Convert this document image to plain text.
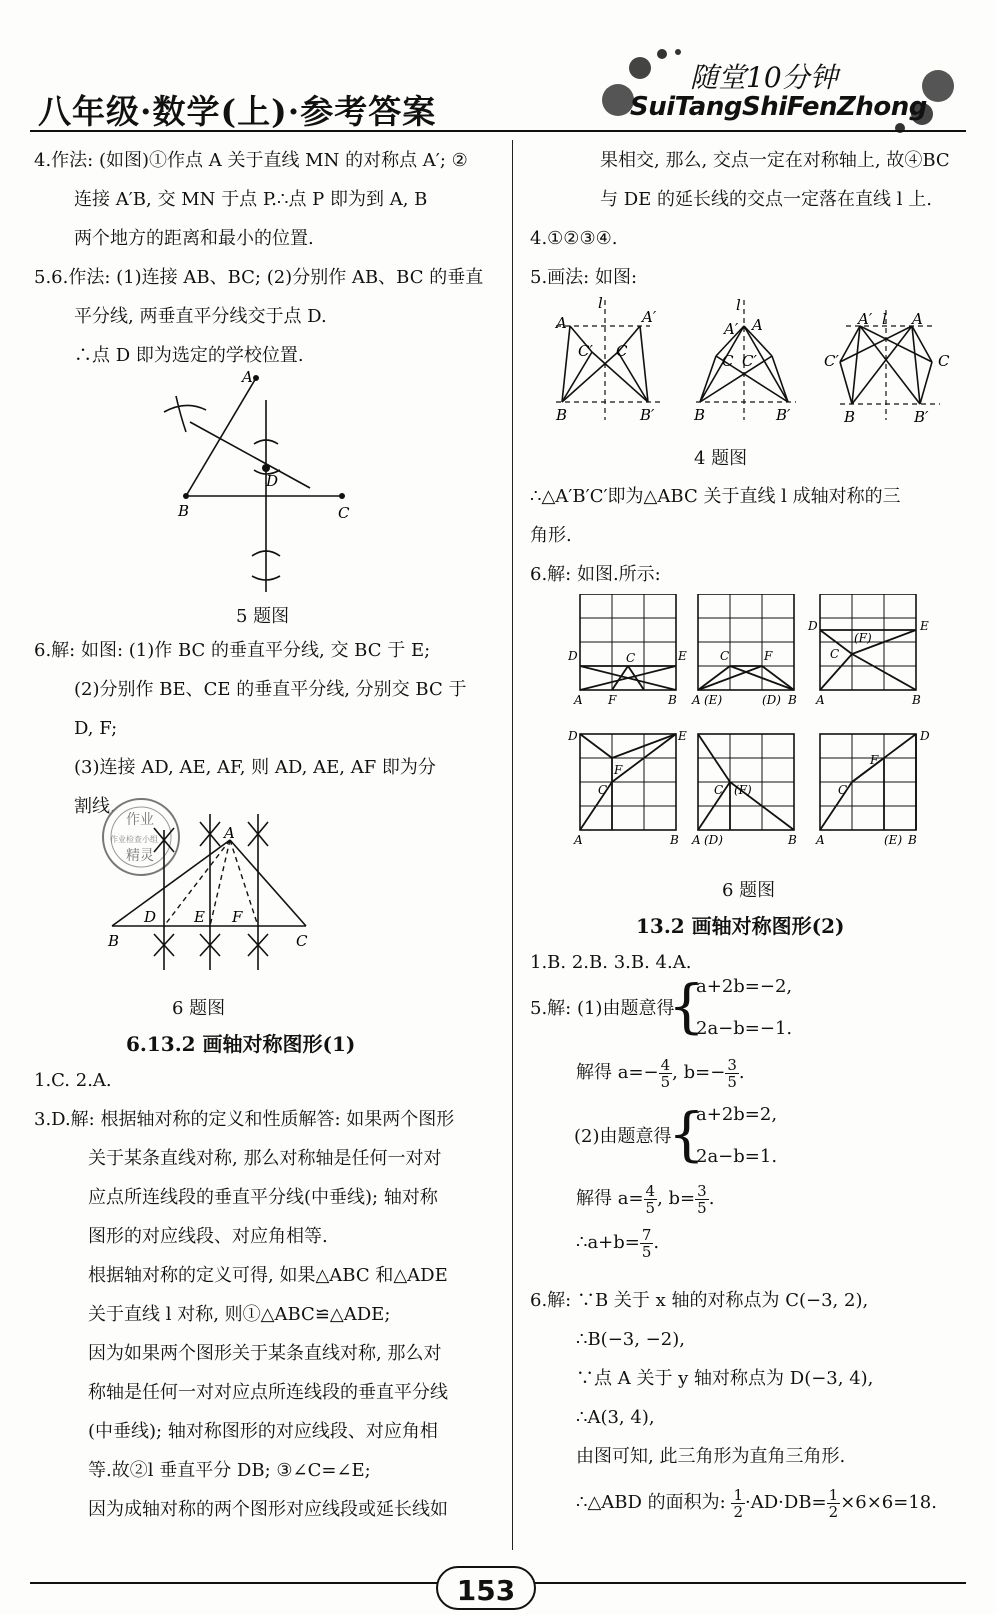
八年级·数学(上)·参考答案
随堂10分钟
SuiTangShiFenZhong
4.作法: (如图)①作点 A 关于直线 MN 的对称点 A′; ②
连接 A′B, 交 MN 于点 P.∴点 P 即为到 A, B
两个地方的距离和最小的位置.
5.6.作法: (1)连接 AB、BC; (2)分别作 AB、BC 的垂直
平分线, 两垂直平分线交于点 D.
∴点 D 即为选定的学校位置.
A
B	C
D
5 题图
6.解: 如图: (1)作 BC 的垂直平分线, 交 BC 于 E;
(2)分别作 BE、CE 的垂直平分线, 分别交 BC 于
D, F;
(3)连接 AD, AE, AF, 则 AD, AE, AF 即为分
割线.
作业
作业检查小组
精灵
A
B	C
D	E F
6 题图
6.13.2 画轴对称图形(1)
1.C. 2.A.
3.D.解: 根据轴对称的定义和性质解答: 如果两个图形
关于某条直线对称, 那么对称轴是任何一对对
应点所连线段的垂直平分线(中垂线); 轴对称
图形的对应线段、对应角相等.
根据轴对称的定义可得, 如果△ABC 和△ADE
关于直线 l 对称, 则①△ABC≌△ADE;
因为如果两个图形关于某条直线对称, 那么对
称轴是任何一对对应点所连线段的垂直平分线
(中垂线); 轴对称图形的对应线段、对应角相
等.故②l 垂直平分 DB; ③∠C=∠E;
因为成轴对称的两个图形对应线段或延长线如
果相交, 那么, 交点一定在对称轴上, 故④BC
与 DE 的延长线的交点一定落在直线 l 上.
4.①②③④.
5.画法: 如图:
l
A	A′
C′ C
B	B′
l
A′ A
C C′
B	B′
A′ l A
C′	C
B	B′
4 题图
∴△A′B′C′即为△ABC 关于直线 l 成轴对称的三
角形.
6.解: 如图.所示:
D	C
A F	B
E	C	F
A (E)	(D) B
D	E
(F)
C
A	B
D	E
F
C
A	B
C (F)
A (D)	B
D
F
C
A	(E) B
6 题图
13.2 画轴对称图形(2)
1.B. 2.B. 3.B. 4.A.
5.解: (1)由题意得
{
a+2b=−2,
2a−b=−1.
解得 $a=- \frac{4}{5}$ , $b=- \frac{3}{5}$ .
(2)由题意得
{
a+2b=2,
2a−b=1.
解得 $a= \frac{4}{5}$ , $b= \frac{3}{5}$ .
∴a+b= $\frac{7}{5}$ .
6.解: ∵B 关于 x 轴的对称点为 C(−3, 2),
∴B(−3, −2),
∵点 A 关于 y 轴对称点为 D(−3, 4),
∴A(3, 4),
由图可知, 此三角形为直角三角形.
∴△ABD 的面积为: $\frac{1}{2} \cdot AD\cdot DB= \frac{1}{2} \times 6\times 6=18$.
153
